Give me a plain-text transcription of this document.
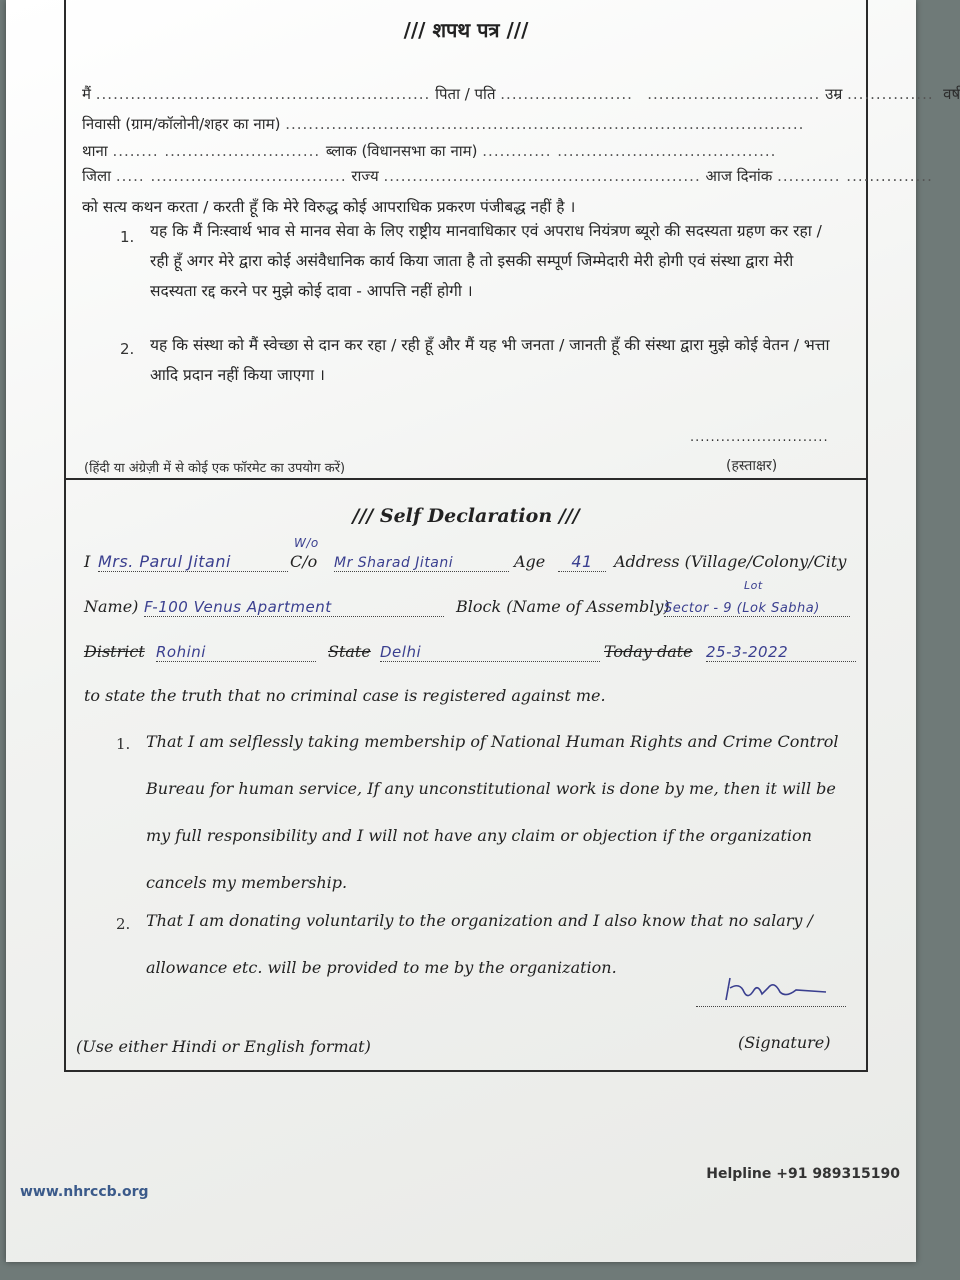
/// शपथ पत्र ///
मैं .......................................................... पिता / पति ....................... .............................. उम्र ............... वर्ष
निवासी (ग्राम/कॉलोनी/शहर का नाम) ..........................................................................................
थाना ........ ........................... ब्लाक (विधानसभा का नाम) ............ ......................................
जिला ..... .................................. राज्य ....................................................... आज दिनांक ........... ...............
को सत्य कथन करता / करती हूँ कि मेरे विरुद्ध कोई आपराधिक प्रकरण पंजीबद्ध नहीं है ।
1. यह कि मैं निःस्वार्थ भाव से मानव सेवा के लिए राष्ट्रीय मानवाधिकार एवं अपराध नियंत्रण ब्यूरो की सदस्यता ग्रहण कर रहा / रही हूँ अगर मेरे द्वारा कोई असंवैधानिक कार्य किया जाता है तो इसकी सम्पूर्ण जिम्मेदारी मेरी होगी एवं संस्था द्वारा मेरी सदस्यता रद्द करने पर मुझे कोई दावा - आपत्ति नहीं होगी ।
2. यह कि संस्था को मैं स्वेच्छा से दान कर रहा / रही हूँ और मैं यह भी जनता / जानती हूँ की संस्था द्वारा मुझे कोई वेतन / भत्ता आदि प्रदान नहीं किया जाएगा ।
...........................
(हिंदी या अंग्रेज़ी में से कोई एक फॉरमेट का उपयोग करें)	(हस्ताक्षर)
/// Self Declaration ///
I Mrs. Parul Jitani
W/o
C/o Mr Sharad Jitani	Age	41	Address (Village/Colony/City
Name) F-100 Venus Apartment	Block (Name of Assembly)
Lot
Sector - 9 (Lok Sabha)
District Rohini	State Delhi	Today date 25-3-2022
to state the truth that no criminal case is registered against me.
1. That I am selflessly taking membership of National Human Rights and Crime Control Bureau for human service, If any unconstitutional work is done by me, then it will be my full responsibility and I will not have any claim or objection if the organization cancels my membership.
2. That I am donating voluntarily to the organization and I also know that no salary / allowance etc. will be provided to me by the organization.
(Use either Hindi or English format)	(Signature)
Helpline +91 989315190
www.nhrccb.org
